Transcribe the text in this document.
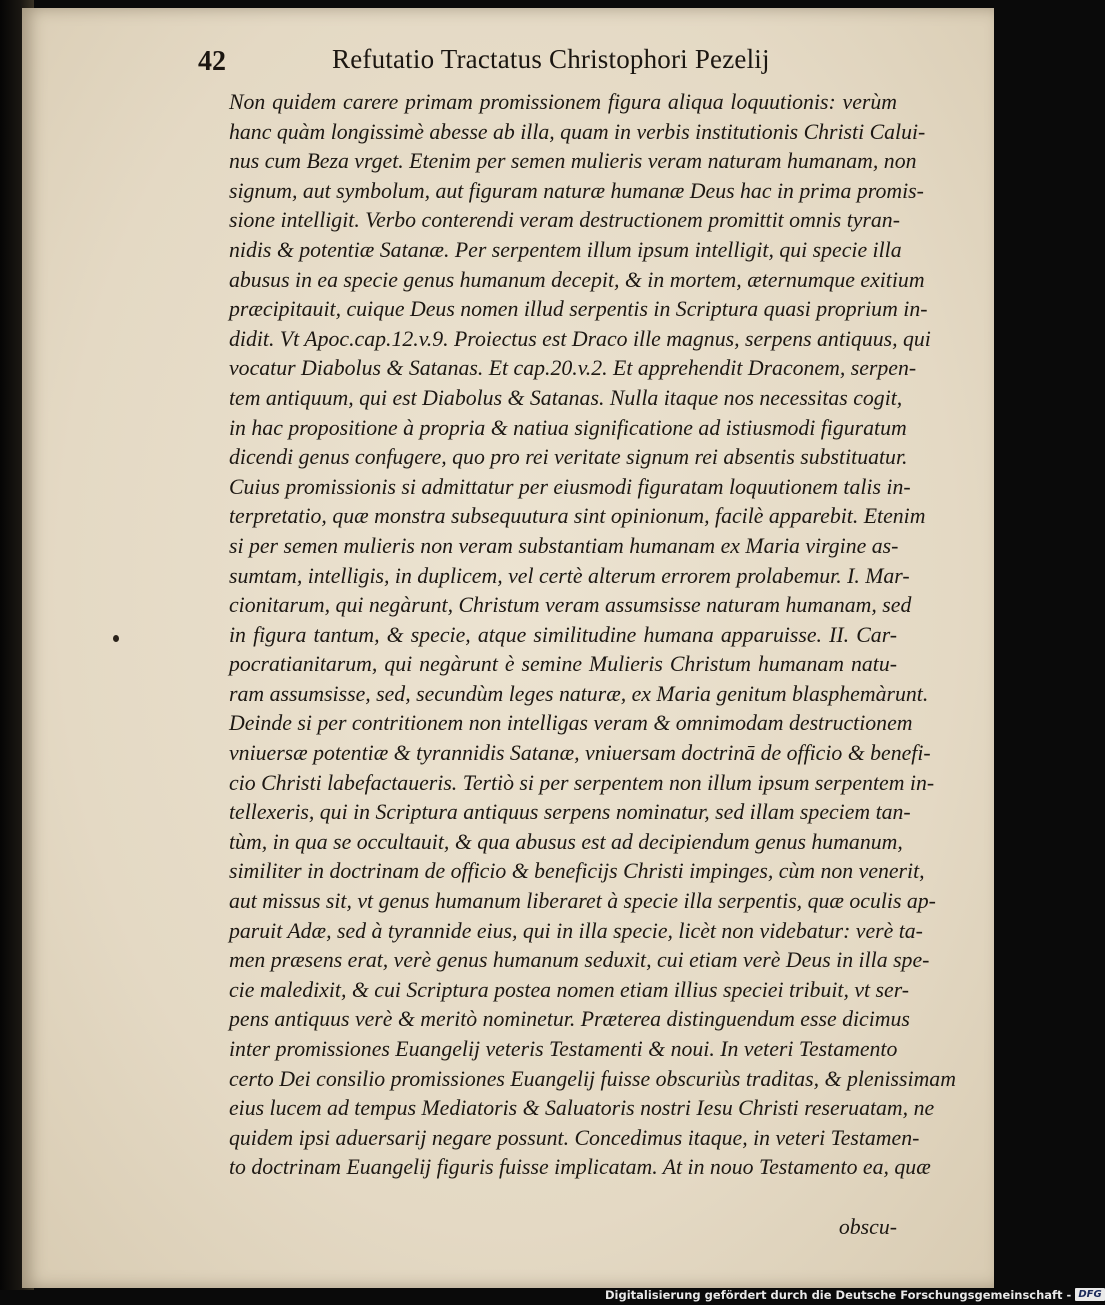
42	Refutatio Tractatus Christophori Pezelij
Non quidem carere primam promissionem figura aliqua loquutionis: verùm
hanc quàm longissimè abesse ab illa, quam in verbis institutionis Christi Calui-
nus cum Beza vrget. Etenim per semen mulieris veram naturam humanam, non
signum, aut symbolum, aut figuram naturæ humanæ Deus hac in prima promis-
sione intelligit. Verbo conterendi veram destructionem promittit omnis tyran-
nidis & potentiæ Satanæ. Per serpentem illum ipsum intelligit, qui specie illa
abusus in ea specie genus humanum decepit, & in mortem, æternumque exitium
præcipitauit, cuique Deus nomen illud serpentis in Scriptura quasi proprium in-
didit. Vt Apoc.cap.12.v.9. Proiectus est Draco ille magnus, serpens antiquus, qui
vocatur Diabolus & Satanas. Et cap.20.v.2. Et apprehendit Draconem, serpen-
tem antiquum, qui est Diabolus & Satanas. Nulla itaque nos necessitas cogit,
in hac propositione à propria & natiua significatione ad istiusmodi figuratum
dicendi genus confugere, quo pro rei veritate signum rei absentis substituatur.
Cuius promissionis si admittatur per eiusmodi figuratam loquutionem talis in-
terpretatio, quæ monstra subsequutura sint opinionum, facilè apparebit. Etenim
si per semen mulieris non veram substantiam humanam ex Maria virgine as-
sumtam, intelligis, in duplicem, vel certè alterum errorem prolabemur. I. Mar-
cionitarum, qui negàrunt, Christum veram assumsisse naturam humanam, sed
in figura tantum, & specie, atque similitudine humana apparuisse. II. Car-
pocratianitarum, qui negàrunt è semine Mulieris Christum humanam natu-
ram assumsisse, sed, secundùm leges naturæ, ex Maria genitum blasphemàrunt.
Deinde si per contritionem non intelligas veram & omnimodam destructionem
vniuersæ potentiæ & tyrannidis Satanæ, vniuersam doctrinā de officio & benefi-
cio Christi labefactaueris. Tertiò si per serpentem non illum ipsum serpentem in-
tellexeris, qui in Scriptura antiquus serpens nominatur, sed illam speciem tan-
tùm, in qua se occultauit, & qua abusus est ad decipiendum genus humanum,
similiter in doctrinam de officio & beneficijs Christi impinges, cùm non venerit,
aut missus sit, vt genus humanum liberaret à specie illa serpentis, quæ oculis ap-
paruit Adæ, sed à tyrannide eius, qui in illa specie, licèt non videbatur: verè ta-
men præsens erat, verè genus humanum seduxit, cui etiam verè Deus in illa spe-
cie maledixit, & cui Scriptura postea nomen etiam illius speciei tribuit, vt ser-
pens antiquus verè & meritò nominetur. Præterea distinguendum esse dicimus
inter promissiones Euangelij veteris Testamenti & noui. In veteri Testamento
certo Dei consilio promissiones Euangelij fuisse obscuriùs traditas, & plenissimam
eius lucem ad tempus Mediatoris & Saluatoris nostri Iesu Christi reseruatam, ne
quidem ipsi aduersarij negare possunt. Concedimus itaque, in veteri Testamen-
to doctrinam Euangelij figuris fuisse implicatam. At in nouo Testamento ea, quæ
obscu-
Digitalisierung gefördert durch die Deutsche Forschungsgemeinschaft - DFG
